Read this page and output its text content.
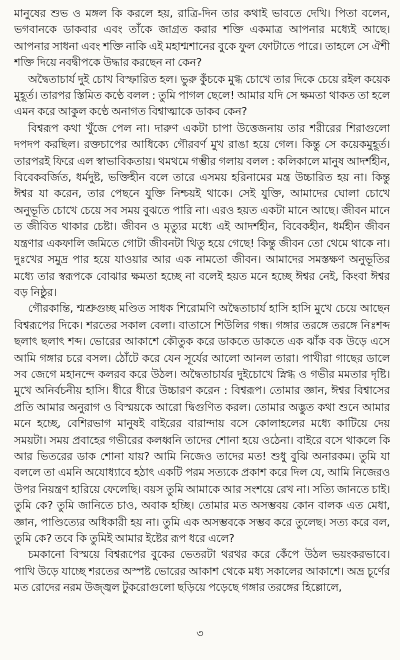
মানুষের শুভ ও মঙ্গল কি করলে হয়, রাত্রি-দিন তার কথাই ভাবতে দেখি। পিতা বলেন, ভগবানকে ডাকবার এবং তাঁকে জাগ্রত করার শক্তি একমাত্র আপনার মধ্যেই আছে। আপনার সাধনা এবং শক্তি নাকি এই মহাশ্মশানের বুকে ফুল ফোটাতে পারে। তাহলে সে ঐশী শক্তি দিয়ে নবদ্বীপকে উদ্ধার করছেন না কেন?

অদ্বৈতাচার্য দুই চোখ বিস্ফারিত হল। ভুরু কুঁচকে মুগ্ধ চোখে তার দিকে চেয়ে রইল কয়েক মুহূর্ত। তারপর স্তিমিত কণ্ঠে বলল : তুমি পাগল ছেলে! আমার যদি সে ক্ষমতা থাকত তা হলে এমন করে আকুল কণ্ঠে অনাগত বিশ্বাত্মাকে ডাকব কেন?

বিশ্বরূপ কথা খুঁজে পেল না। দারুণ একটা চাপা উত্তেজনায় তার শরীরের শিরাগুলো দপদপ করছিল। রক্তচাপের আধিক্যে গৌরবর্ণ মুখ রাঙা হয়ে গেল। কিন্তু সে কয়েকমুহূর্ত। তারপরই ফিরে এল স্বাভাবিকতায়। থমথমে গম্ভীর গলায় বলল : কলিকালে মানুষ আদর্শহীন, বিবেকবর্জিত, ধর্মদুষ্ট, ভক্তিহীন বলে তারে এসময় হরিনামের মন্ত্র উচ্চারিত হয় না। কিন্তু ঈশ্বর যা করেন, তার পেছনে যুক্তি নিশ্চয়ই থাকে। সেই যুক্তি, আমাদের ঘোলা চোখে অনুভূতি চোখে চেয়ে সব সময় বুঝতে পারি না। এরও হয়ত একটা মানে আছে। জীবন মানে ত জীবিত থাকার চেষ্টা। জীবন ও মৃত্যুর মধ্যে এই আদর্শহীন, বিবেকহীন, ধর্মহীন জীবন যন্ত্রণার একফালি জমিতে গোটা জীবনটা থিতু হয়ে গেছে! কিন্তু জীবন তো থেমে থাকে না। দুঃখের সমুদ্র পার হয়ে যাওয়ার আর এক নামতো জীবন। আমাদের সমস্তক্ষণ অনুভূতির মধ্যে তার স্বরূপকে বোঝার ক্ষমতা হচ্ছে না বলেই হয়ত মনে হচ্ছে ঈশ্বর নেই, কিংবা ঈশ্বর বড় নিষ্ঠুর।

গৌরকান্তি, শ্মশ্রুগুচ্ছ মণ্ডিত সাধক শিরোমণি অদ্বৈতাচার্য হাসি হাসি মুখে চেয়ে আছেন বিশ্বরূপের দিকে। শরতের সকাল বেলা। বাতাসে শিউলির গন্ধ। গঙ্গার তরঙ্গে তরঙ্গে নিঃশব্দ ছলাৎ ছলাৎ শব্দ। ভোরের আকাশে কৌতুক করে ডাকতে ডাকতে এক ঝাঁক বক উড়ে এসে আমি গঙ্গার চরে বসল। ঠোঁটে করে যেন সূর্যের আলো আনল তারা। পাখীরা গাছের ডালে সব জেগে মহানন্দে কলরব করে উঠল। অদ্বৈতাচার্যর দুইচোখে স্নিগ্ধ ও গভীর মমতার দৃষ্টি। মুখে অনির্বচনীয় হাসি। ধীরে ধীরে উচ্চারণ করেন : বিশ্বরূপ। তোমার জ্ঞান, ঈশ্বর বিশ্বাসের প্রতি আমার অনুরাগ ও বিস্ময়কে আরো দ্বিগুণিত করল। তোমার অদ্ভুত কথা শুনে আমার মনে হচ্ছে, বেশিরভাগ মানুষই বাইরের বারান্দায় বসে কোলাহলের মধ্যে কাটিয়ে দেয় সময়টা। সময় প্রবাহের গভীরের কলধ্বনি তাদের শোনা হয়ে ওঠেনা। বাইরে বসে থাকলে কি আর ভিতরের ডাক শোনা যায়? আমি নিজেও তাদের মত! শুধু বুঝি অনারকম। তুমি যা বললে তা এমনি অযোধ্যাবে হঠাৎ একটি পরম সত্যকে প্রকাশ করে দিল যে, আমি নিজেরও উপর নিয়ন্ত্রণ হারিয়ে ফেলেছি। বয়স তুমি আমাকে আর সংশয়ে রেখ না। সত্যি জানতে চাই। তুমি কে? তুমি জানিতে চাও, অবাক হচ্ছি। তোমার মত অসম্ভবয় কোন বালক এত মেধা, জ্ঞান, পাণ্ডিত্যের অধিকারী হয় না। তুমি এক অসম্ভবকে সম্ভব করে তুলেছ। সত্য করে বল, তুমি কে? তবে কি তুমিই আমার ইষ্টের রূপ ধরে এলে?

চমকানো বিস্ময়ে বিশ্বরূপের বুকের ভেতরটা থরথর করে কেঁপে উঠল ভয়ংকরভাবে। পাখি উড়ে যাচ্ছে শরতের অস্পষ্ট ভোরের আকাশ থেকে মধ্য সকালের আকাশে। অভ্র চূর্ণের মত রোদের নরম উজ্জ্বল টুকরোগুলো ছড়িয়ে পড়েছে গঙ্গার তরঙ্গের হিল্লোলে,

৩
